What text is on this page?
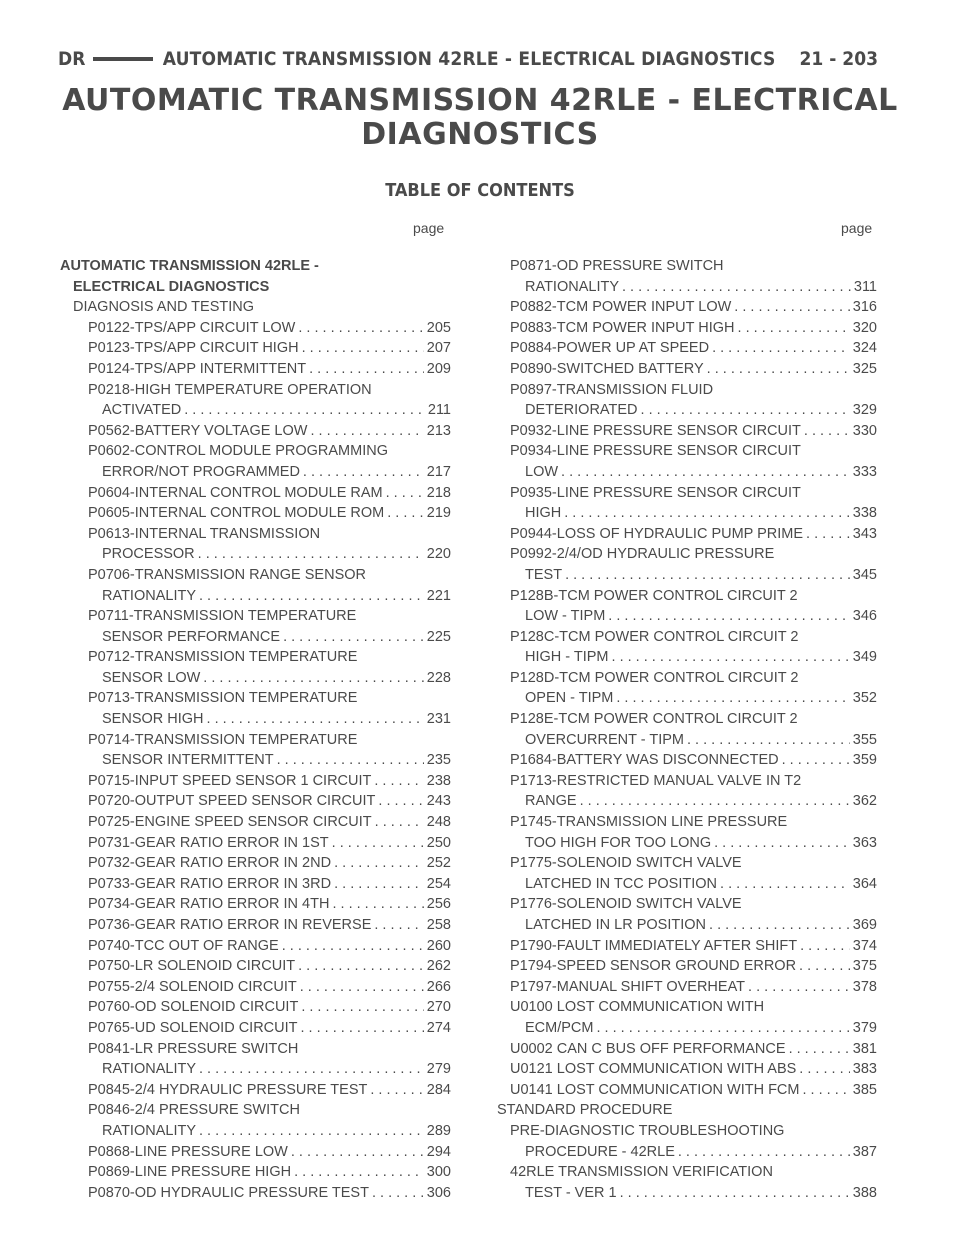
DR	AUTOMATIC TRANSMISSION 42RLE - ELECTRICAL DIAGNOSTICS 21 - 203
AUTOMATIC TRANSMISSION 42RLE - ELECTRICAL
DIAGNOSTICS
TABLE OF CONTENTS
page	page
AUTOMATIC TRANSMISSION 42RLE -
ELECTRICAL DIAGNOSTICS
DIAGNOSIS AND TESTING
P0122-TPS/APP CIRCUIT LOW . . .	205
P0123-TPS/APP CIRCUIT HIGH . . .	207
P0124-TPS/APP INTERMITTENT . . .	209
P0218-HIGH TEMPERATURE OPERATION
ACTIVATED . . .	211
P0562-BATTERY VOLTAGE LOW . . .	213
P0602-CONTROL MODULE PROGRAMMING
ERROR/NOT PROGRAMMED . . .	217
P0604-INTERNAL CONTROL MODULE RAM . . .	218
P0605-INTERNAL CONTROL MODULE ROM . . .	219
P0613-INTERNAL TRANSMISSION
PROCESSOR . . .	220
P0706-TRANSMISSION RANGE SENSOR
RATIONALITY . . .	221
P0711-TRANSMISSION TEMPERATURE
SENSOR PERFORMANCE . . .	225
P0712-TRANSMISSION TEMPERATURE
SENSOR LOW . . .	228
P0713-TRANSMISSION TEMPERATURE
SENSOR HIGH . . .	231
P0714-TRANSMISSION TEMPERATURE
SENSOR INTERMITTENT . . .	235
P0715-INPUT SPEED SENSOR 1 CIRCUIT . . .	238
P0720-OUTPUT SPEED SENSOR CIRCUIT . . .	243
P0725-ENGINE SPEED SENSOR CIRCUIT . . .	248
P0731-GEAR RATIO ERROR IN 1ST . . .	250
P0732-GEAR RATIO ERROR IN 2ND . . .	252
P0733-GEAR RATIO ERROR IN 3RD . . .	254
P0734-GEAR RATIO ERROR IN 4TH . . .	256
P0736-GEAR RATIO ERROR IN REVERSE . . .	258
P0740-TCC OUT OF RANGE . . .	260
P0750-LR SOLENOID CIRCUIT . . .	262
P0755-2/4 SOLENOID CIRCUIT . . .	266
P0760-OD SOLENOID CIRCUIT . . .	270
P0765-UD SOLENOID CIRCUIT . . .	274
P0841-LR PRESSURE SWITCH
RATIONALITY . . .	279
P0845-2/4 HYDRAULIC PRESSURE TEST . . .	284
P0846-2/4 PRESSURE SWITCH
RATIONALITY . . .	289
P0868-LINE PRESSURE LOW . . .	294
P0869-LINE PRESSURE HIGH . . .	300
P0870-OD HYDRAULIC PRESSURE TEST . . .	306
P0871-OD PRESSURE SWITCH
RATIONALITY . . .	311
P0882-TCM POWER INPUT LOW . . .	316
P0883-TCM POWER INPUT HIGH . . .	320
P0884-POWER UP AT SPEED . . .	324
P0890-SWITCHED BATTERY . . .	325
P0897-TRANSMISSION FLUID
DETERIORATED . . .	329
P0932-LINE PRESSURE SENSOR CIRCUIT . . .	330
P0934-LINE PRESSURE SENSOR CIRCUIT
LOW . . .	333
P0935-LINE PRESSURE SENSOR CIRCUIT
HIGH . . .	338
P0944-LOSS OF HYDRAULIC PUMP PRIME . . .	343
P0992-2/4/OD HYDRAULIC PRESSURE
TEST . . .	345
P128B-TCM POWER CONTROL CIRCUIT 2
LOW - TIPM . . .	346
P128C-TCM POWER CONTROL CIRCUIT 2
HIGH - TIPM . . .	349
P128D-TCM POWER CONTROL CIRCUIT 2
OPEN - TIPM . . .	352
P128E-TCM POWER CONTROL CIRCUIT 2
OVERCURRENT - TIPM . . .	355
P1684-BATTERY WAS DISCONNECTED . . .	359
P1713-RESTRICTED MANUAL VALVE IN T2
RANGE . . .	362
P1745-TRANSMISSION LINE PRESSURE
TOO HIGH FOR TOO LONG . . .	363
P1775-SOLENOID SWITCH VALVE
LATCHED IN TCC POSITION . . .	364
P1776-SOLENOID SWITCH VALVE
LATCHED IN LR POSITION . . .	369
P1790-FAULT IMMEDIATELY AFTER SHIFT . . .	374
P1794-SPEED SENSOR GROUND ERROR . . .	375
P1797-MANUAL SHIFT OVERHEAT . . .	378
U0100 LOST COMMUNICATION WITH
ECM/PCM . . .	379
U0002 CAN C BUS OFF PERFORMANCE . . .	381
U0121 LOST COMMUNICATION WITH ABS . . .	383
U0141 LOST COMMUNICATION WITH FCM . . .	385
STANDARD PROCEDURE
PRE-DIAGNOSTIC TROUBLESHOOTING
PROCEDURE - 42RLE . . .	387
42RLE TRANSMISSION VERIFICATION
TEST - VER 1 . . .	388
